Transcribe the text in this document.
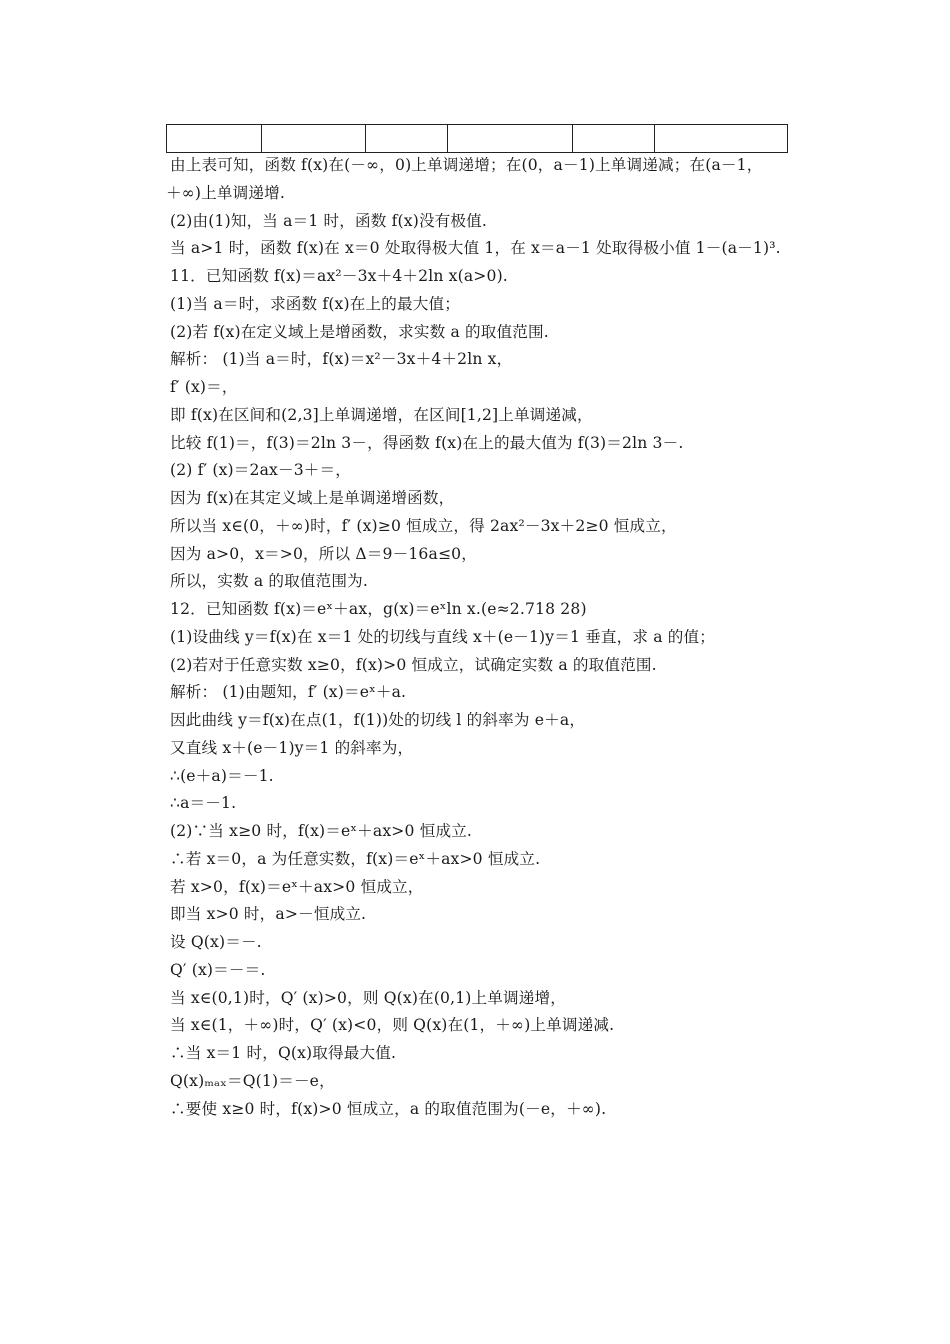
由上表可知，函数 f(x)在(－∞，0)上单调递增；在(0，a－1)上单调递减；在(a－1，
＋∞)上单调递增.
(2)由(1)知，当 a＝1 时，函数 f(x)没有极值.
当 a>1 时，函数 f(x)在 x＝0 处取得极大值 1，在 x＝a－1 处取得极小值 1－(a－1)³.
11．已知函数 f(x)＝ax²－3x＋4＋2ln x(a>0).
(1)当 a＝时，求函数 f(x)在上的最大值；
(2)若 f(x)在定义域上是增函数，求实数 a 的取值范围.
解析： (1)当 a＝时，f(x)＝x²－3x＋4＋2ln x，
f′ (x)＝，
即 f(x)在区间和(2,3]上单调递增，在区间[1,2]上单调递减，
比较 f(1)＝，f(3)＝2ln 3－，得函数 f(x)在上的最大值为 f(3)＝2ln 3－.
(2) f′ (x)＝2ax－3＋＝，
因为 f(x)在其定义域上是单调递增函数，
所以当 x∈(0，＋∞)时，f′ (x)≥0 恒成立，得 2ax²－3x＋2≥0 恒成立，
因为 a>0，x＝>0，所以 Δ＝9－16a≤0，
所以，实数 a 的取值范围为.
12．已知函数 f(x)＝eˣ＋ax，g(x)＝eˣln x.(e≈2.718 28)
(1)设曲线 y＝f(x)在 x＝1 处的切线与直线 x＋(e－1)y＝1 垂直，求 a 的值；
(2)若对于任意实数 x≥0，f(x)>0 恒成立，试确定实数 a 的取值范围.
解析： (1)由题知，f′ (x)＝eˣ＋a.
因此曲线 y＝f(x)在点(1，f(1))处的切线 l 的斜率为 e＋a，
又直线 x＋(e－1)y＝1 的斜率为，
∴(e＋a)＝－1.
∴a＝－1.
(2)∵当 x≥0 时，f(x)＝eˣ＋ax>0 恒成立.
∴若 x＝0，a 为任意实数，f(x)＝eˣ＋ax>0 恒成立.
若 x>0，f(x)＝eˣ＋ax>0 恒成立，
即当 x>0 时，a>－恒成立.
设 Q(x)＝－.
Q′ (x)＝－＝.
当 x∈(0,1)时，Q′ (x)>0，则 Q(x)在(0,1)上单调递增，
当 x∈(1，＋∞)时，Q′ (x)<0，则 Q(x)在(1，＋∞)上单调递减.
∴当 x＝1 时，Q(x)取得最大值.
Q(x)ₘₐₓ＝Q(1)＝－e，
∴要使 x≥0 时，f(x)>0 恒成立，a 的取值范围为(－e，＋∞).
